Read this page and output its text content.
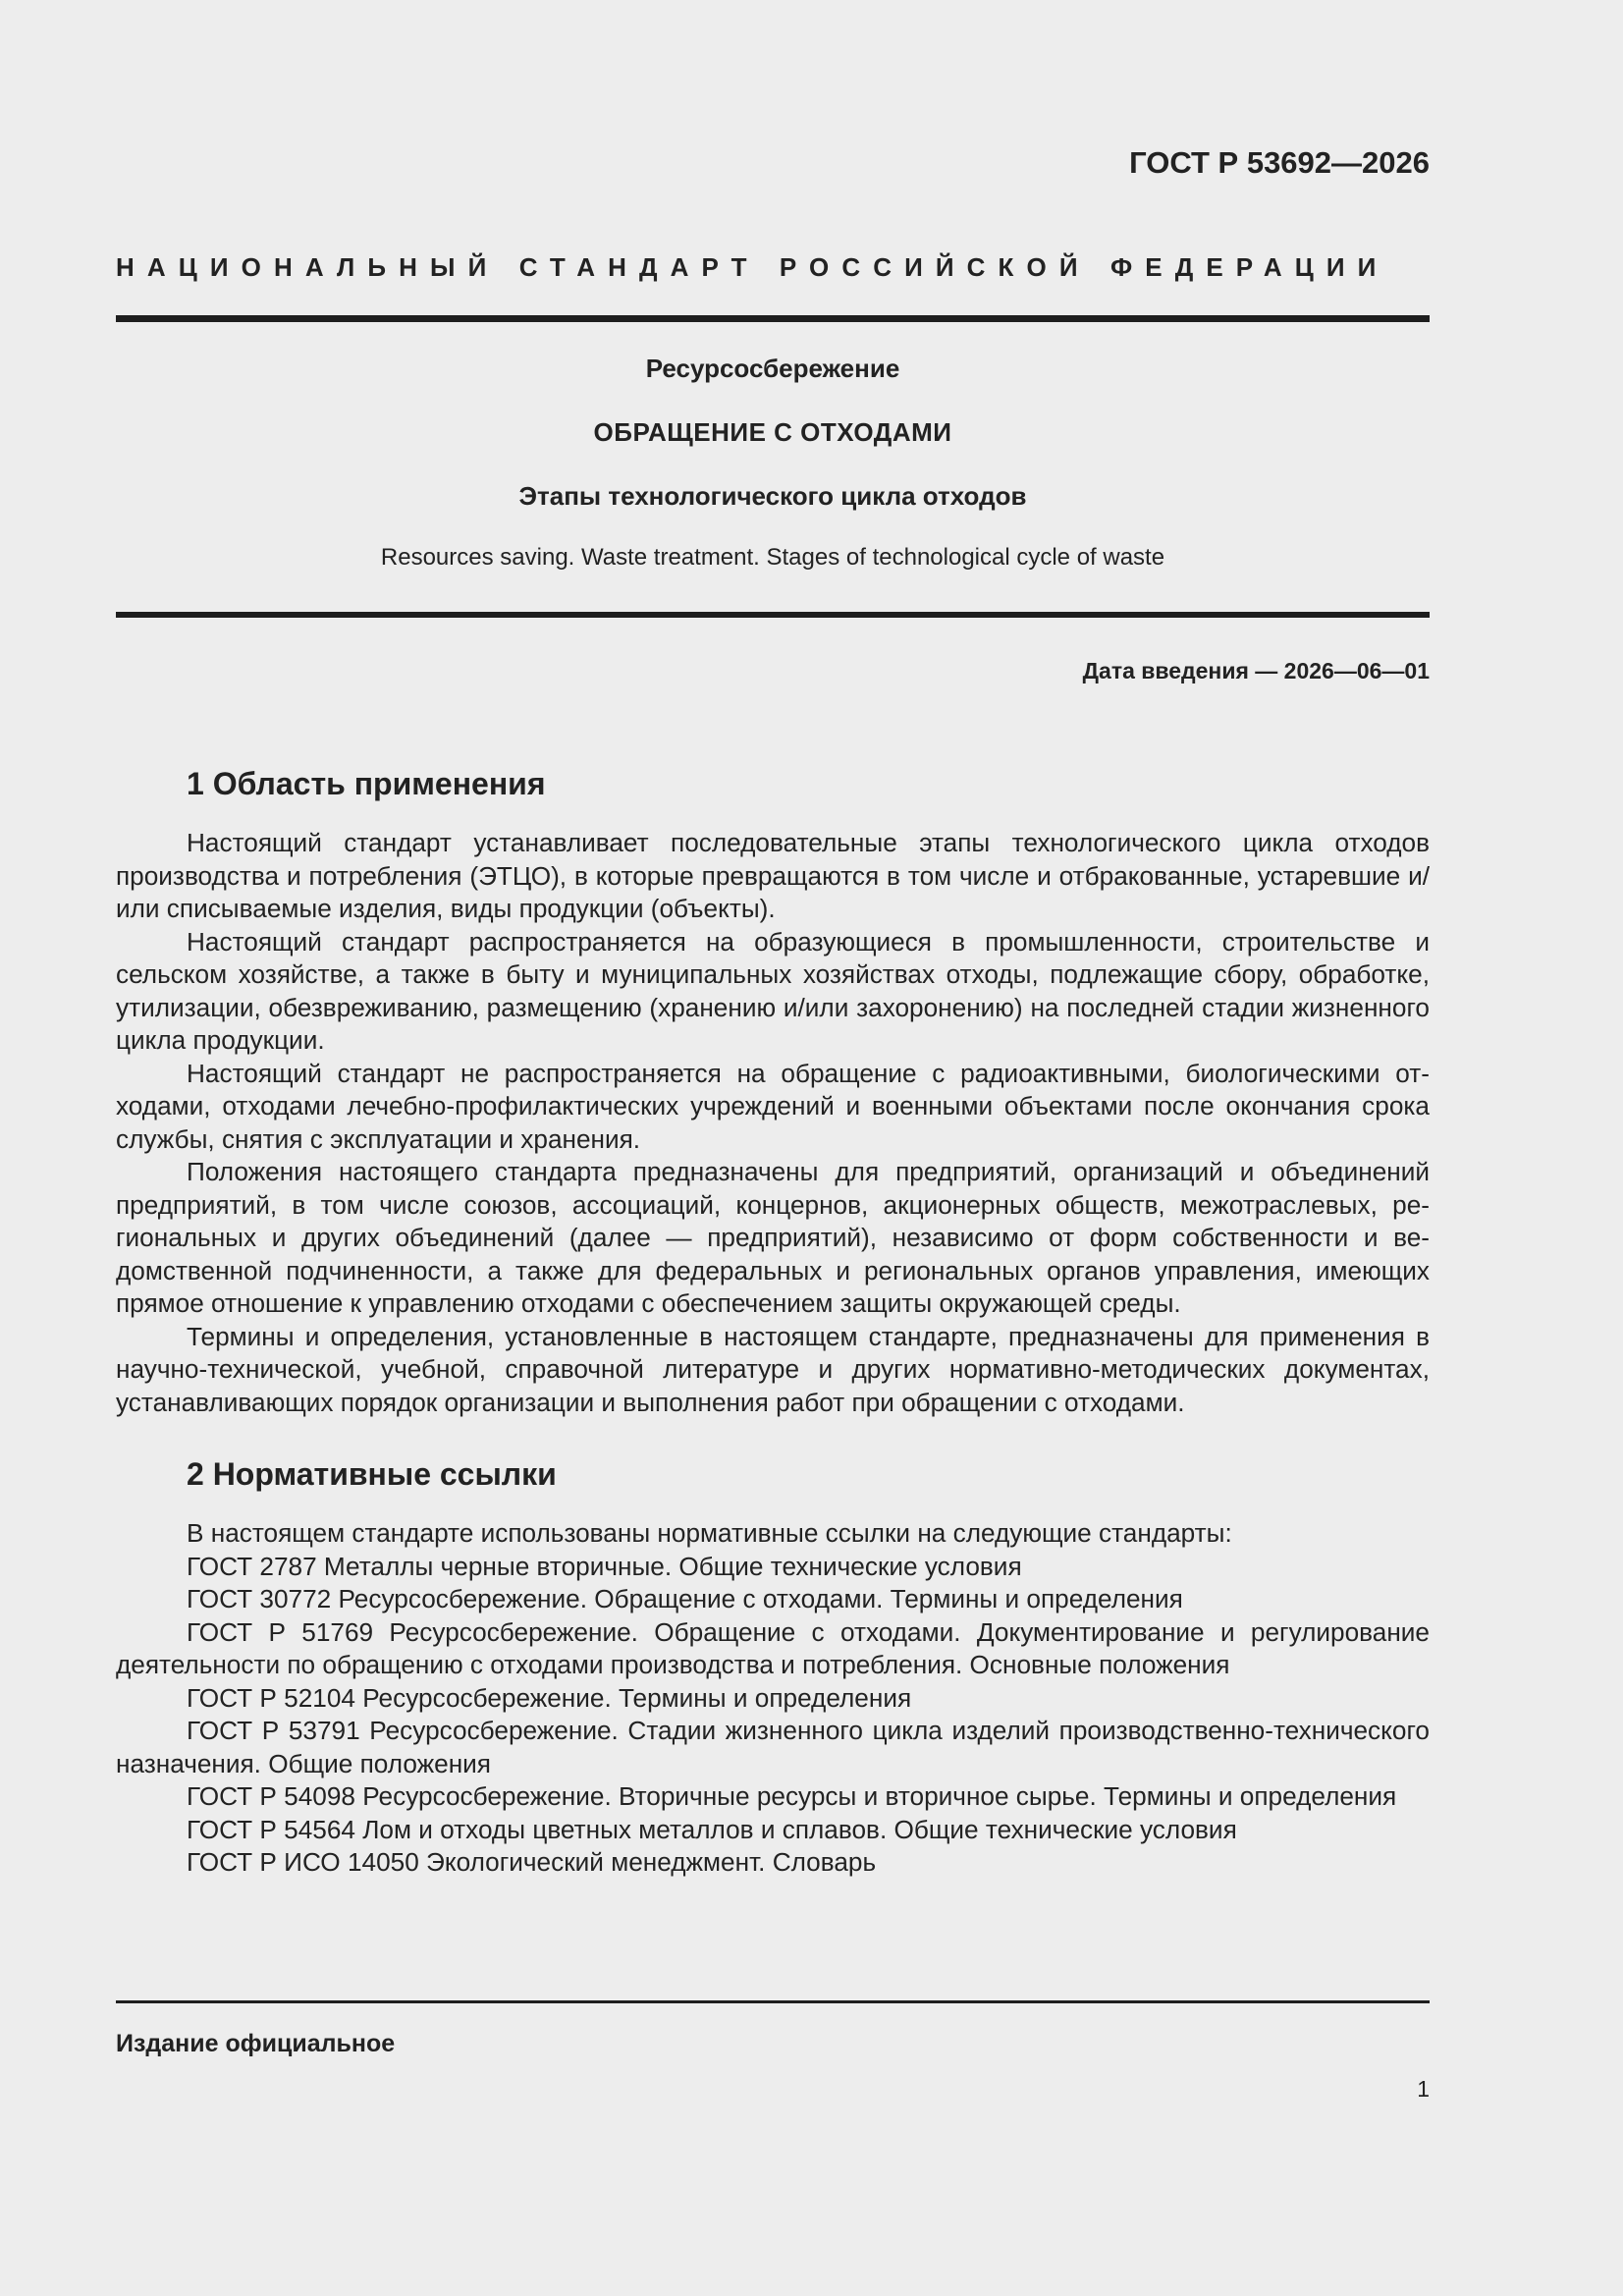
ГОСТ Р 53692—2026
НАЦИОНАЛЬНЫЙ СТАНДАРТ РОССИЙСКОЙ ФЕДЕРАЦИИ
Ресурсосбережение
ОБРАЩЕНИЕ С ОТХОДАМИ
Этапы технологического цикла отходов
Resources saving. Waste treatment. Stages of technological cycle of waste
Дата введения — 2026—06—01
1 Область применения

Настоящий стандарт устанавливает последовательные этапы технологического цикла отходов производства и потребления (ЭТЦО), в которые превращаются в том числе и отбракованные, устаревшие и/или списываемые изделия, виды продукции (объекты).

Настоящий стандарт распространяется на образующиеся в промышленности, строительстве и сельском хозяйстве, а также в быту и муниципальных хозяйствах отходы, подлежащие сбору, обработке, утилизации, обезвреживанию, размещению (хранению и/или захоронению) на последней стадии жизненного цикла продукции.

Настоящий стандарт не распространяется на обращение с радиоактивными, биологическими отходами, отходами лечебно-профилактических учреждений и военными объектами после окончания срока службы, снятия с эксплуатации и хранения.

Положения настоящего стандарта предназначены для предприятий, организаций и объединений предприятий, в том числе союзов, ассоциаций, концернов, акционерных обществ, межотраслевых, региональных и других объединений (далее — предприятий), независимо от форм собственности и ведомственной подчиненности, а также для федеральных и региональных органов управления, имеющих прямое отношение к управлению отходами с обеспечением защиты окружающей среды.

Термины и определения, установленные в настоящем стандарте, предназначены для применения в научно-технической, учебной, справочной литературе и других нормативно-методических документах, устанавливающих порядок организации и выполнения работ при обращении с отходами.

2 Нормативные ссылки

В настоящем стандарте использованы нормативные ссылки на следующие стандарты:

ГОСТ 2787 Металлы черные вторичные. Общие технические условия

ГОСТ 30772 Ресурсосбережение. Обращение с отходами. Термины и определения

ГОСТ Р 51769 Ресурсосбережение. Обращение с отходами. Документирование и регулирование деятельности по обращению с отходами производства и потребления. Основные положения

ГОСТ Р 52104 Ресурсосбережение. Термины и определения

ГОСТ Р 53791 Ресурсосбережение. Стадии жизненного цикла изделий производственно-технического назначения. Общие положения

ГОСТ Р 54098 Ресурсосбережение. Вторичные ресурсы и вторичное сырье. Термины и определения

ГОСТ Р 54564 Лом и отходы цветных металлов и сплавов. Общие технические условия

ГОСТ Р ИСО 14050 Экологический менеджмент. Словарь

Издание официальное
1
